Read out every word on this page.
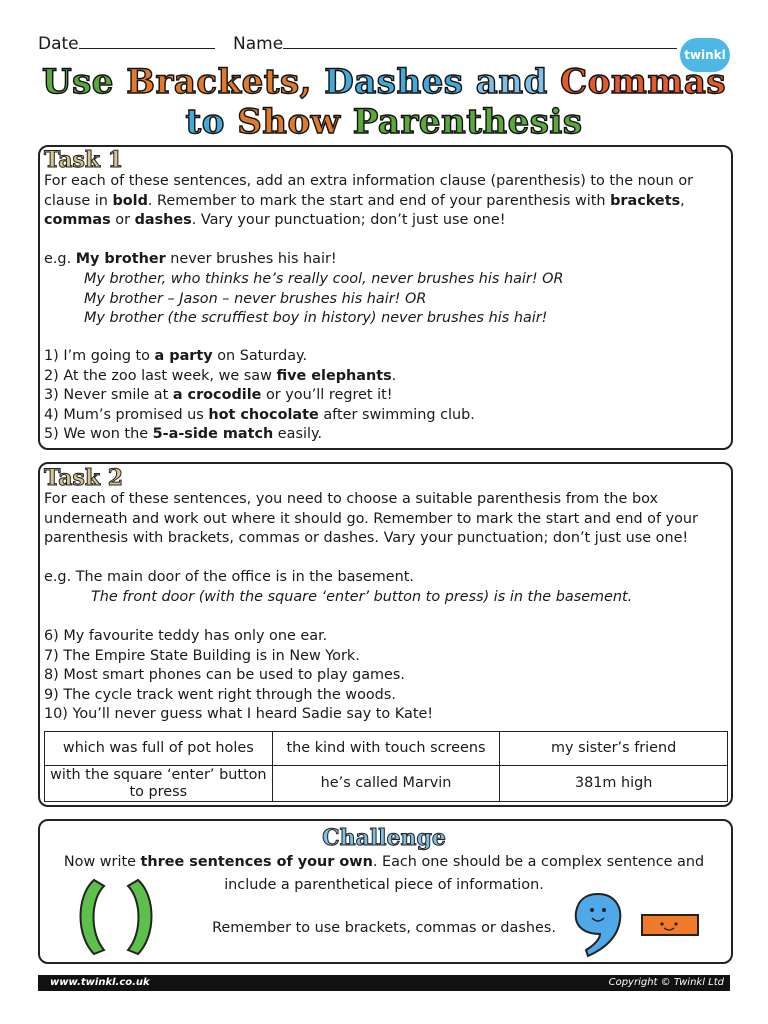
Date	Name
twinkl
Use Brackets, Dashes and Commas
to Show Parenthesis
Task 1
For each of these sentences, add an extra information clause (parenthesis) to the noun or
clause in bold. Remember to mark the start and end of your parenthesis with brackets,
commas or dashes. Vary your punctuation; don’t just use one!
e.g. My brother never brushes his hair!
My brother, who thinks he’s really cool, never brushes his hair! OR
My brother – Jason – never brushes his hair! OR
My brother (the scruffiest boy in history) never brushes his hair!
1) I’m going to a party on Saturday.
2) At the zoo last week, we saw five elephants.
3) Never smile at a crocodile or you’ll regret it!
4) Mum’s promised us hot chocolate after swimming club.
5) We won the 5-a-side match easily.
Task 2
For each of these sentences, you need to choose a suitable parenthesis from the box
underneath and work out where it should go. Remember to mark the start and end of your
parenthesis with brackets, commas or dashes. Vary your punctuation; don’t just use one!
e.g. The main door of the office is in the basement.
The front door (with the square ‘enter’ button to press) is in the basement.
6) My favourite teddy has only one ear.
7) The Empire State Building is in New York.
8) Most smart phones can be used to play games.
9) The cycle track went right through the woods.
10) You’ll never guess what I heard Sadie say to Kate!
which was full of pot holes	the kind with touch screens	my sister’s friend
with the square ‘enter’ button to press	he’s called Marvin	381m high
Challenge
Now write three sentences of your own. Each one should be a complex sentence and
include a parenthetical piece of information.
Remember to use brackets, commas or dashes.
www.twinkl.co.uk	Copyright © Twinkl Ltd
